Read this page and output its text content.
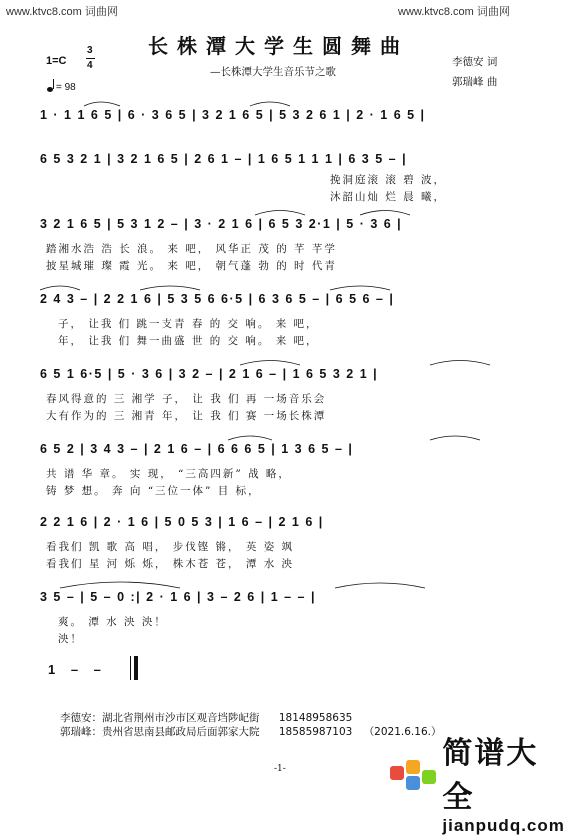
www.ktvc8.com 词曲网	www.ktvc8.com 词曲网
长株潭大学生圆舞曲
—长株潭大学生音乐节之歌
李德安 词
郭瑞峰 曲
1=C
3
4
= 98
1 · 1 1 6 5 | 6 · 3 6 5 | 3 2 1 6 5 | 5 3 2 6 1 | 2 · 1 6 5 |
6 5 3 2 1 | 3 2 1 6 5 | 2 6 1 – | 1 6 5 1 1 1 | 6 3 5 – |
挽洞庭滚 滚 碧 波，
沐韶山灿 烂 晨 曦，
3 2 1 6 5 | 5 3 1 2 – | 3 · 2 1 6 | 6 5 3 2·1 | 5 · 3 6 |
踏湘水浩 浩 长 浪。 来 吧， 风华正 茂 的 芊 芊学
披星城璀 璨 霞 光。 来 吧， 朝气蓬 勃 的 时 代青
2 4 3 – | 2 2 1 6 | 5 3 5 6 6·5 | 6 3 6 5 – | 6 5 6 – |
子， 让我 们 跳一支青 春 的 交 响。 来 吧，
年， 让我 们 舞一曲盛 世 的 交 响。 来 吧，
6 5 1 6·5 | 5 · 3 6 | 3 2 – | 2 1 6 – | 1 6 5 3 2 1 |
春风得意的 三 湘学 子， 让 我 们 再 一场音乐会
大有作为的 三 湘青 年， 让 我 们 赛 一场长株潭
6 5 2 | 3 4 3 – | 2 1 6 – | 6 6 6 5 | 1 3 6 5 – |
共 谱 华 章。 实 现， “三高四新” 战 略，
铸 梦 想。 奔 向 “三位一体” 目 标，
2 2 1 6 | 2 · 1 6 | 5 0 5 3 | 1 6 – | 2 1 6 |
看我们 凯 歌 高 唱， 步伐铿 锵， 英 姿 飒
看我们 星 河 烁 烁， 株木苍 苍， 潭 水 泱
3 5 – | 5 – 0 :| 2 · 1 6 | 3 – 2 6 | 1 – – |
爽。 潭 水 泱 泱！
泱！
1 – –
李德安：湖北省荆州市沙市区观音垱陟屺街 18148958635
郭瑞峰：贵州省思南县邮政局后面郭家大院 18585987103 （2021.6.16.）
-1-	简谱大全
jianpudq.com
